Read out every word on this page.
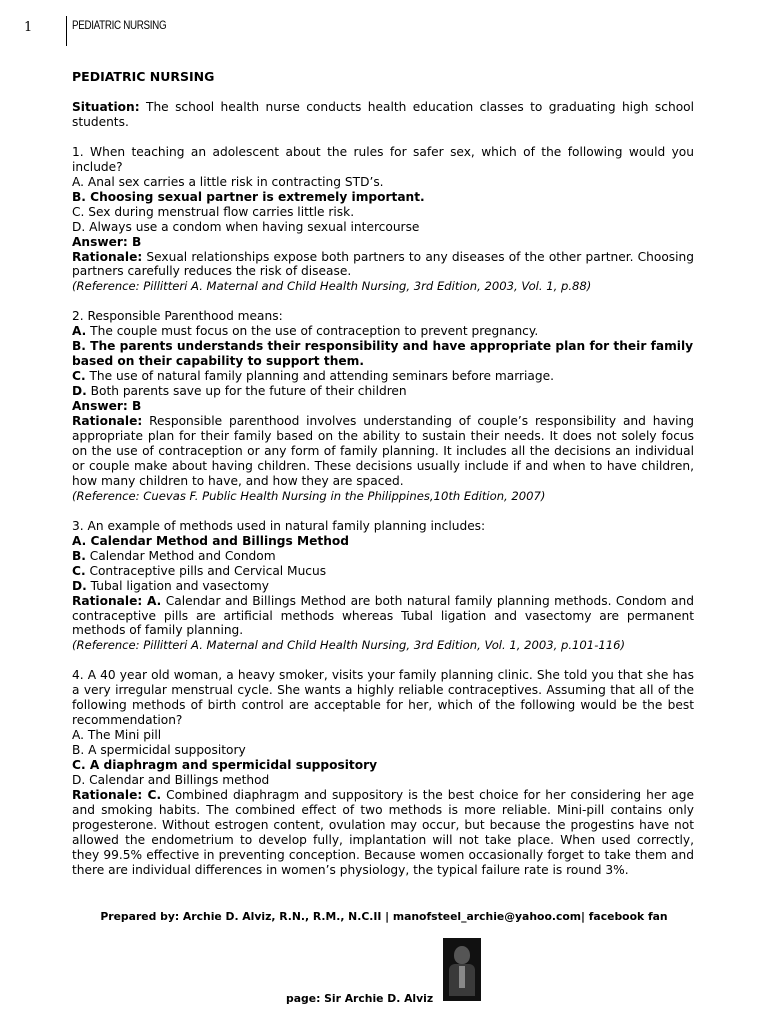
1	PEDIATRIC NURSING

PEDIATRIC NURSING

Situation: The school health nurse conducts health education classes to graduating high school students.

1. When teaching an adolescent about the rules for safer sex, which of the following would you include?

A. Anal sex carries a little risk in contracting STD’s.

B. Choosing sexual partner is extremely important.

C. Sex during menstrual flow carries little risk.

D. Always use a condom when having sexual intercourse

Answer: B

Rationale: Sexual relationships expose both partners to any diseases of the other partner. Choosing partners carefully reduces the risk of disease.

(Reference: Pillitteri A. Maternal and Child Health Nursing, 3rd Edition, 2003, Vol. 1, p.88)

2. Responsible Parenthood means:

A. The couple must focus on the use of contraception to prevent pregnancy.

B. The parents understands their responsibility and have appropriate plan for their family based on their capability to support them.

C. The use of natural family planning and attending seminars before marriage.

D. Both parents save up for the future of their children

Answer: B

Rationale: Responsible parenthood involves understanding of couple’s responsibility and having appropriate plan for their family based on the ability to sustain their needs. It does not solely focus on the use of contraception or any form of family planning. It includes all the decisions an individual or couple make about having children. These decisions usually include if and when to have children, how many children to have, and how they are spaced.

(Reference: Cuevas F. Public Health Nursing in the Philippines,10th Edition, 2007)

3. An example of methods used in natural family planning includes:

A. Calendar Method and Billings Method

B. Calendar Method and Condom

C. Contraceptive pills and Cervical Mucus

D. Tubal ligation and vasectomy

Rationale: A. Calendar and Billings Method are both natural family planning methods. Condom and contraceptive pills are artificial methods whereas Tubal ligation and vasectomy are permanent methods of family planning.

(Reference: Pillitteri A. Maternal and Child Health Nursing, 3rd Edition, Vol. 1, 2003, p.101-116)

4. A 40 year old woman, a heavy smoker, visits your family planning clinic. She told you that she has a very irregular menstrual cycle. She wants a highly reliable contraceptives. Assuming that all of the following methods of birth control are acceptable for her, which of the following would be the best recommendation?

A. The Mini pill

B. A spermicidal suppository

C. A diaphragm and spermicidal suppository

D. Calendar and Billings method

Rationale: C. Combined diaphragm and suppository is the best choice for her considering her age and smoking habits. The combined effect of two methods is more reliable. Mini-pill contains only progesterone. Without estrogen content, ovulation may occur, but because the progestins have not allowed the endometrium to develop fully, implantation will not take place. When used correctly, they 99.5% effective in preventing conception. Because women occasionally forget to take them and there are individual differences in women’s physiology, the typical failure rate is round 3%.

Prepared by: Archie D. Alviz, R.N., R.M., N.C.II | manofsteel_archie@yahoo.com| facebook fan
page: Sir Archie D. Alviz
